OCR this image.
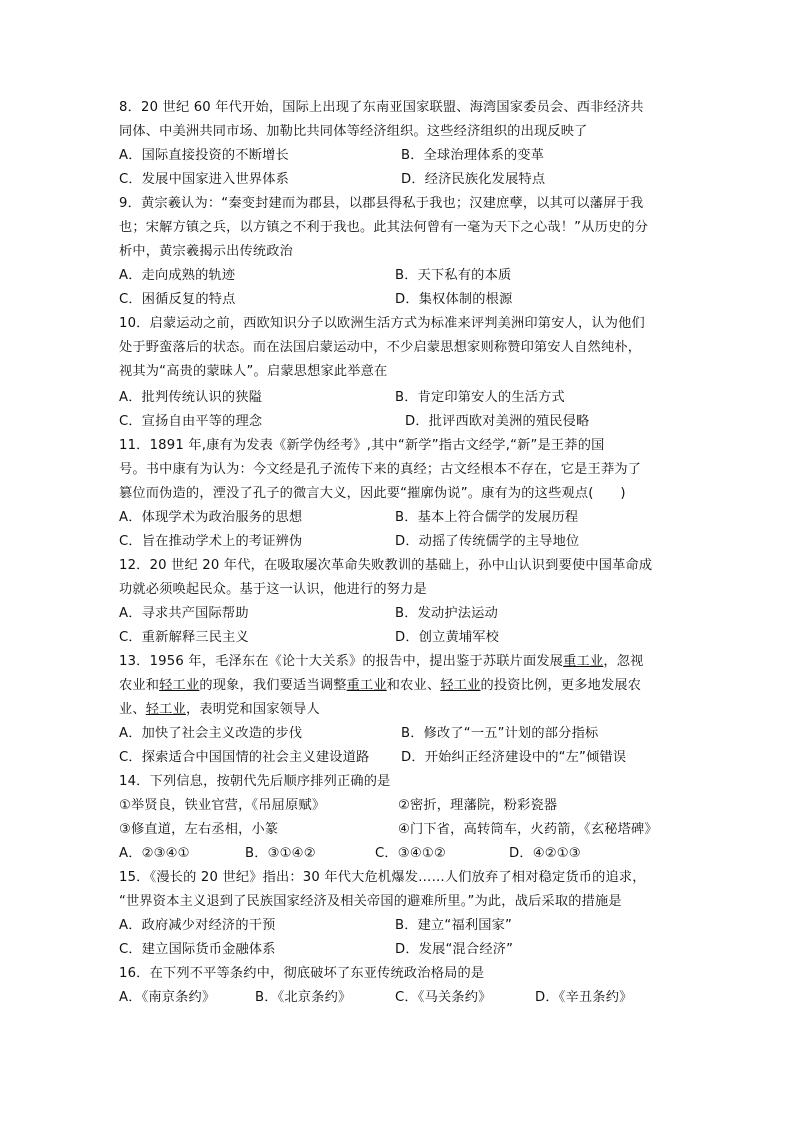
8．20 世纪 60 年代开始，国际上出现了东南亚国家联盟、海湾国家委员会、西非经济共
同体、中美洲共同市场、加勒比共同体等经济组织。这些经济组织的出现反映了
A．国际直接投资的不断增长	B．全球治理体系的变革
C．发展中国家进入世界体系	D．经济民族化发展特点
9．黄宗羲认为：“秦变封建而为郡县，以郡县得私于我也；汉建庶孽，以其可以藩屏于我
也；宋解方镇之兵，以方镇之不利于我也。此其法何曾有一毫为天下之心哉！”从历史的分
析中，黄宗羲揭示出传统政治
A．走向成熟的轨迹	B．天下私有的本质
C．困循反复的特点	D．集权体制的根源
10．启蒙运动之前，西欧知识分子以欧洲生活方式为标准来评判美洲印第安人，认为他们
处于野蛮落后的状态。而在法国启蒙运动中，不少启蒙思想家则称赞印第安人自然纯朴，
视其为“高贵的蒙昧人”。启蒙思想家此举意在
A．批判传统认识的狭隘	B．肯定印第安人的生活方式
C．宣扬自由平等的理念	D．批评西欧对美洲的殖民侵略
11．1891 年,康有为发表《新学伪经考》,其中“新学”指古文经学,“新”是王莽的国
号。书中康有为认为：今文经是孔子流传下来的真经；古文经根本不存在，它是王莽为了
篡位而伪造的，湮没了孔子的微言大义，因此要“摧廓伪说”。康有为的这些观点(　　)
A．体现学术为政治服务的思想	B．基本上符合儒学的发展历程
C．旨在推动学术上的考证辨伪	D．动摇了传统儒学的主导地位
12．20 世纪 20 年代，在吸取屡次革命失败教训的基础上，孙中山认识到要使中国革命成
功就必须唤起民众。基于这一认识，他进行的努力是
A．寻求共产国际帮助	B．发动护法运动
C．重新解释三民主义	D．创立黄埔军校
13．1956 年，毛泽东在《论十大关系》的报告中，提出鉴于苏联片面发展重工业，忽视
农业和轻工业的现象，我们要适当调整重工业和农业、轻工业的投资比例，更多地发展农
业、轻工业，表明党和国家领导人
A．加快了社会主义改造的步伐	B．修改了“一五”计划的部分指标
C．探索适合中国国情的社会主义建设道路 D．开始纠正经济建设中的“左”倾错误
14．下列信息，按朝代先后顺序排列正确的是
①举贤良，铁业官营，《吊屈原赋》	②密折，理藩院，粉彩瓷器
③修直道，左右丞相，小篆	④门下省，高转筒车，火药箭，《玄秘塔碑》
A．②③④①	B．③①④②	C．③④①②	D．④②①③
15．《漫长的 20 世纪》指出：30 年代大危机爆发……人们放弃了相对稳定货币的追求，
“世界资本主义退到了民族国家经济及相关帝国的避难所里。”为此，战后采取的措施是
A．政府减少对经济的干预	B．建立“福利国家”
C．建立国际货币金融体系	D．发展“混合经济”
16．在下列不平等条约中，彻底破坏了东亚传统政治格局的是
A．《南京条约》	B．《北京条约》	C．《马关条约》	D．《辛丑条约》
